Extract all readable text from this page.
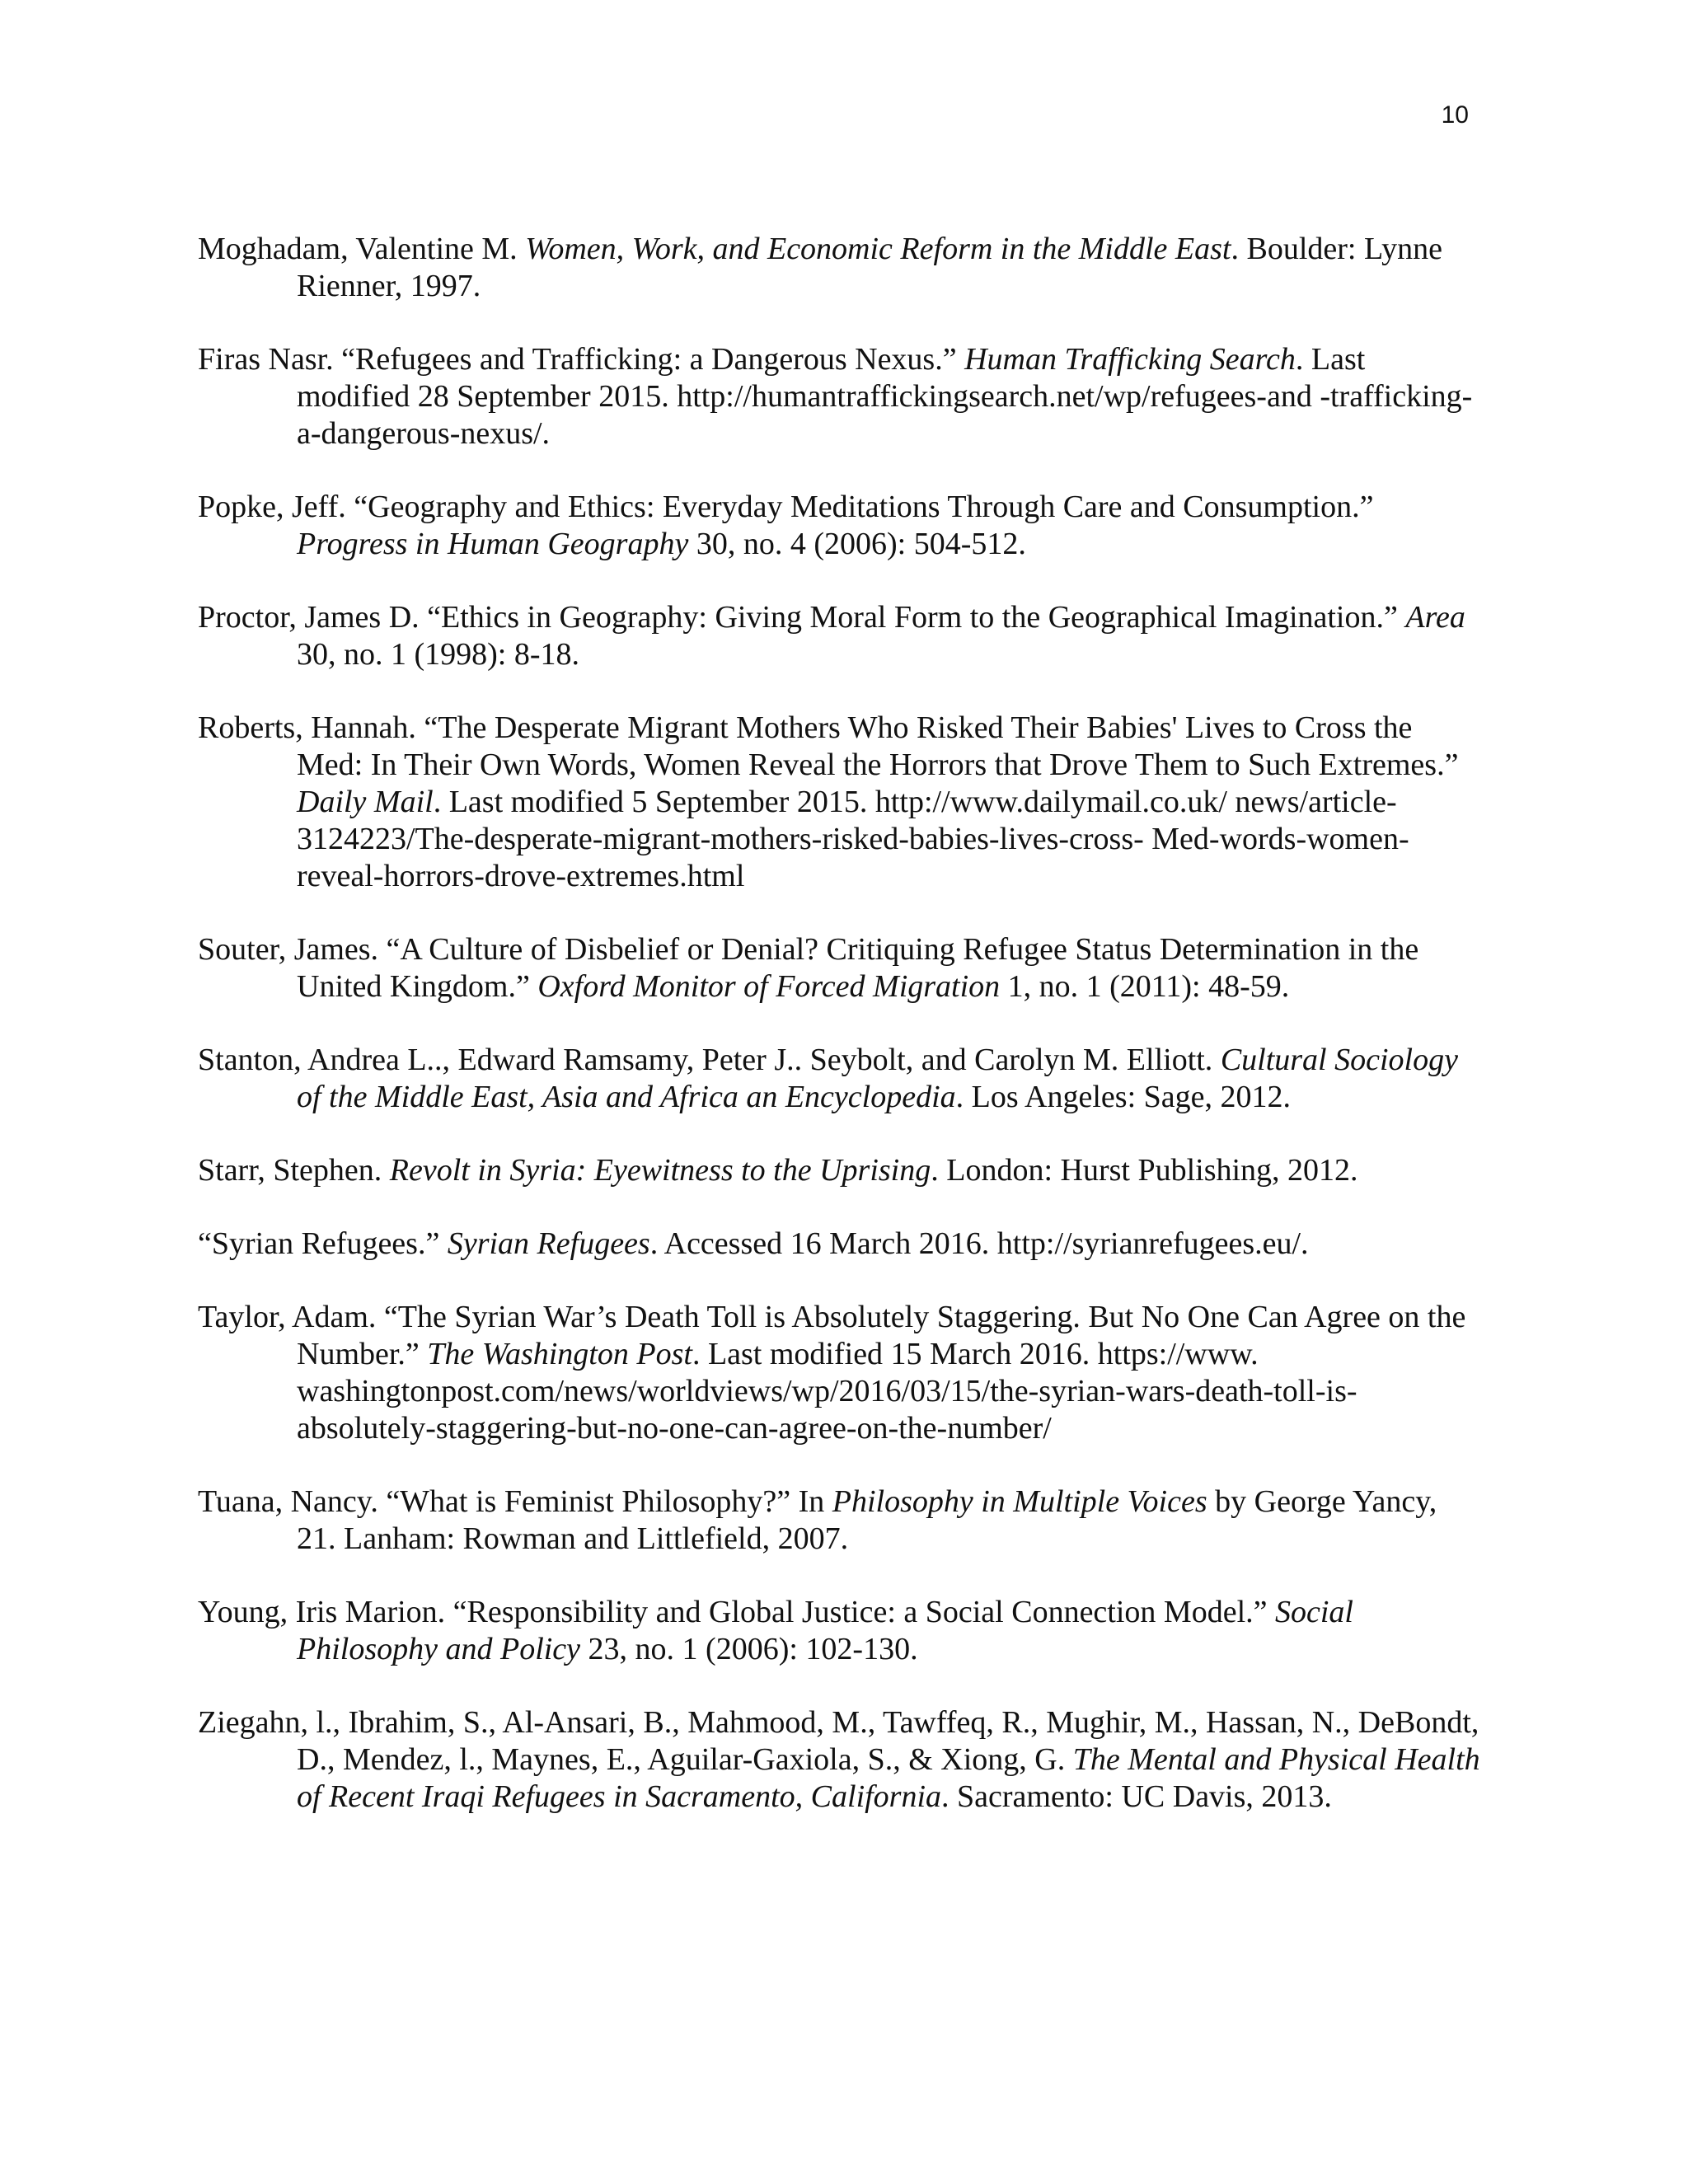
10

Moghadam, Valentine M. Women, Work, and Economic Reform in the Middle East. Boulder: Lynne Rienner, 1997.

Firas Nasr. “Refugees and Trafficking: a Dangerous Nexus.” Human Trafficking Search. Last modified 28 September 2015. http://humantraffickingsearch.net/wp/refugees-and -trafficking-a-dangerous-nexus/.

Popke, Jeff. “Geography and Ethics: Everyday Meditations Through Care and Consumption.” Progress in Human Geography 30, no. 4 (2006): 504-512.

Proctor, James D. “Ethics in Geography: Giving Moral Form to the Geographical Imagination.” Area 30, no. 1 (1998): 8-18.

Roberts, Hannah. “The Desperate Migrant Mothers Who Risked Their Babies' Lives to Cross the Med: In Their Own Words, Women Reveal the Horrors that Drove Them to Such Extremes.” Daily Mail. Last modified 5 September 2015. http://www.dailymail.co.uk/ news/article-3124223/The-desperate-migrant-mothers-risked-babies-lives-cross- Med-words-women-reveal-horrors-drove-extremes.html

Souter, James. “A Culture of Disbelief or Denial? Critiquing Refugee Status Determination in the United Kingdom.” Oxford Monitor of Forced Migration 1, no. 1 (2011): 48-59.

Stanton, Andrea L.., Edward Ramsamy, Peter J.. Seybolt, and Carolyn M. Elliott. Cultural Sociology of the Middle East, Asia and Africa an Encyclopedia. Los Angeles: Sage, 2012.

Starr, Stephen. Revolt in Syria: Eyewitness to the Uprising. London: Hurst Publishing, 2012.

“Syrian Refugees.” Syrian Refugees. Accessed 16 March 2016. http://syrianrefugees.eu/.

Taylor, Adam. “The Syrian War’s Death Toll is Absolutely Staggering. But No One Can Agree on the Number.” The Washington Post. Last modified 15 March 2016. https://www. washingtonpost.com/news/worldviews/wp/2016/03/15/the-syrian-wars-death-toll-is- absolutely-staggering-but-no-one-can-agree-on-the-number/

Tuana, Nancy. “What is Feminist Philosophy?” In Philosophy in Multiple Voices by George Yancy, 21. Lanham: Rowman and Littlefield, 2007.

Young, Iris Marion. “Responsibility and Global Justice: a Social Connection Model.” Social Philosophy and Policy 23, no. 1 (2006): 102-130.

Ziegahn, l., Ibrahim, S., Al-Ansari, B., Mahmood, M., Tawffeq, R., Mughir, M., Hassan, N., DeBondt, D., Mendez, l., Maynes, E., Aguilar-Gaxiola, S., & Xiong, G. The Mental and Physical Health of Recent Iraqi Refugees in Sacramento, California. Sacramento: UC Davis, 2013.
